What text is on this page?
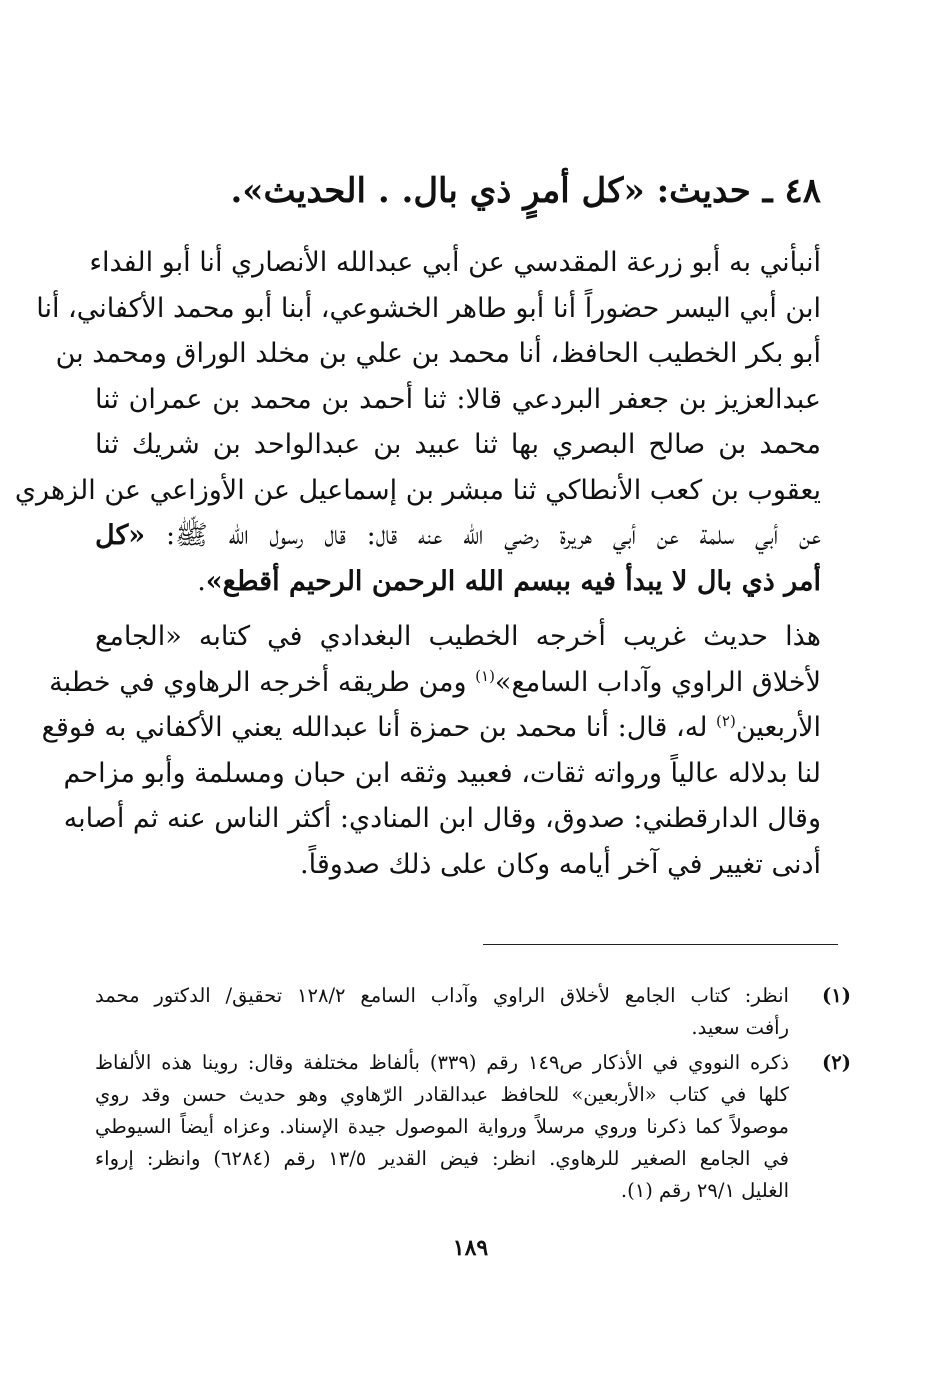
٤٨ ـ حديث: «كل أمرٍ ذي بال. . الحديث».
أنبأني به أبو زرعة المقدسي عن أبي عبدالله الأنصاري أنا أبو الفداء
ابن أبي اليسر حضوراً أنا أبو طاهر الخشوعي، أبنا أبو محمد الأكفاني، أنا
أبو بكر الخطيب الحافظ، أنا محمد بن علي بن مخلد الوراق ومحمد بن
عبدالعزيز بن جعفر البردعي قالا: ثنا أحمد بن محمد بن عمران ثنا
محمد بن صالح البصري بها ثنا عبيد بن عبدالواحد بن شريك ثنا
يعقوب بن كعب الأنطاكي ثنا مبشر بن إسماعيل عن الأوزاعي عن الزهري
عن أبي سلمة عن أبي هريرة رضي الله عنه قال: قال رسول الله ﷺ: «كل
أمر ذي بال لا يبدأ فيه ببسم الله الرحمن الرحيم أقطع».
هذا حديث غريب أخرجه الخطيب البغدادي في كتابه «الجامع
لأخلاق الراوي وآداب السامع»$^{(١)}$ ومن طريقه أخرجه الرهاوي في خطبة
الأربعين$^{(٢)}$ له، قال: أنا محمد بن حمزة أنا عبدالله يعني الأكفاني به فوقع
لنا بدلاله عالياً ورواته ثقات، فعبيد وثقه ابن حبان ومسلمة وأبو مزاحم
وقال الدارقطني: صدوق، وقال ابن المنادي: أكثر الناس عنه ثم أصابه
أدنى تغيير في آخر أيامه وكان على ذلك صدوقاً.
(١)
انظر: كتاب الجامع لأخلاق الراوي وآداب السامع ١٢٨/٢ تحقيق/ الدكتور محمد
رأفت سعيد.
(٢)
ذكره النووي في الأذكار ص١٤٩ رقم (٣٣٩) بألفاظ مختلفة وقال: روينا هذه الألفاظ
كلها في كتاب «الأربعين» للحافظ عبدالقادر الرّهاوي وهو حديث حسن وقد روي
موصولاً كما ذكرنا وروي مرسلاً ورواية الموصول جيدة الإسناد. وعزاه أيضاً السيوطي
في الجامع الصغير للرهاوي. انظر: فيض القدير ١٣/٥ رقم (٦٢٨٤) وانظر: إرواء
الغليل ٢٩/١ رقم (١).
١٨٩
